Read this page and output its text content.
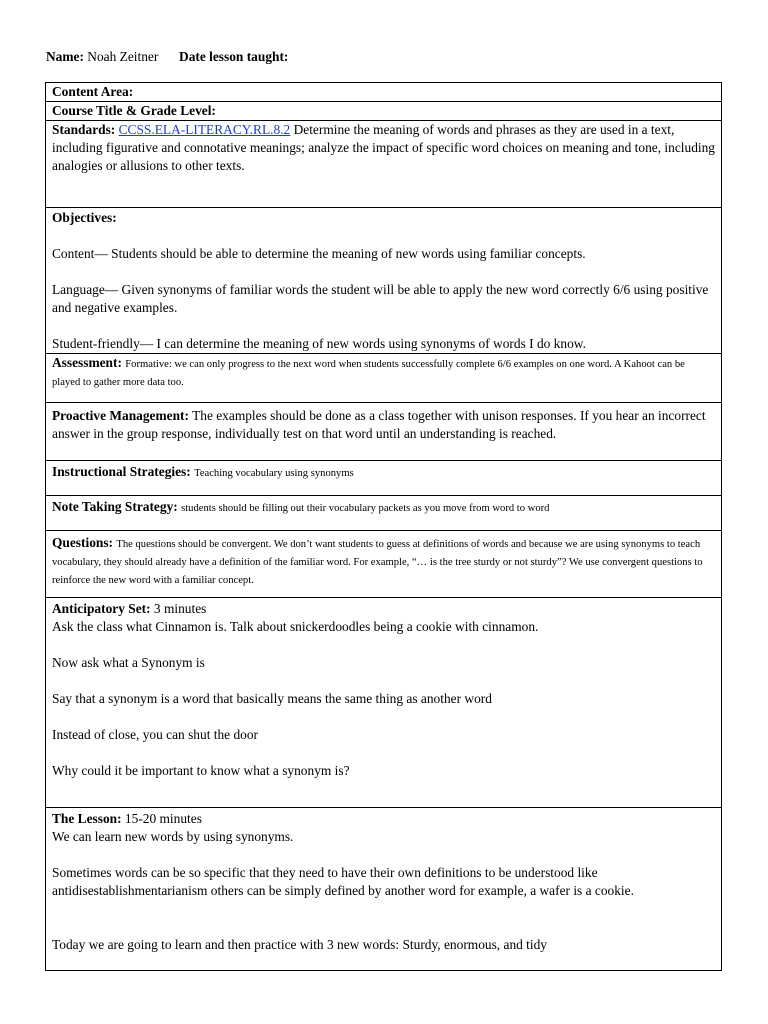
Name: Noah Zeitner Date lesson taught:
Content Area:
Course Title & Grade Level:
Standards: CCSS.ELA-LITERACY.RL.8.2 Determine the meaning of words and phrases as they are used in a text, including figurative and connotative meanings; analyze the impact of specific word choices on meaning and tone, including analogies or allusions to other texts.

Objectives:

Content— Students should be able to determine the meaning of new words using familiar concepts.

Language— Given synonyms of familiar words the student will be able to apply the new word correctly 6/6 using positive and negative examples.

Student-friendly— I can determine the meaning of new words using synonyms of words I do know.

Assessment: Formative: we can only progress to the next word when students successfully complete 6/6 examples on one word. A Kahoot can be played to gather more data too.
Proactive Management: The examples should be done as a class together with unison responses. If you hear an incorrect answer in the group response, individually test on that word until an understanding is reached.
Instructional Strategies: Teaching vocabulary using synonyms
Note Taking Strategy: students should be filling out their vocabulary packets as you move from word to word
Questions: The questions should be convergent. We don’t want students to guess at definitions of words and because we are using synonyms to teach vocabulary, they should already have a definition of the familiar word. For example, “… is the tree sturdy or not sturdy”? We use convergent questions to reinforce the new word with a familiar concept.

Anticipatory Set: 3 minutes

Ask the class what Cinnamon is. Talk about snickerdoodles being a cookie with cinnamon.

Now ask what a Synonym is

Say that a synonym is a word that basically means the same thing as another word

Instead of close, you can shut the door

Why could it be important to know what a synonym is?

The Lesson: 15-20 minutes

We can learn new words by using synonyms.

Sometimes words can be so specific that they need to have their own definitions to be understood like antidisestablishmentarianism others can be simply defined by another word for example, a wafer is a cookie.

Today we are going to learn and then practice with 3 new words: Sturdy, enormous, and tidy
